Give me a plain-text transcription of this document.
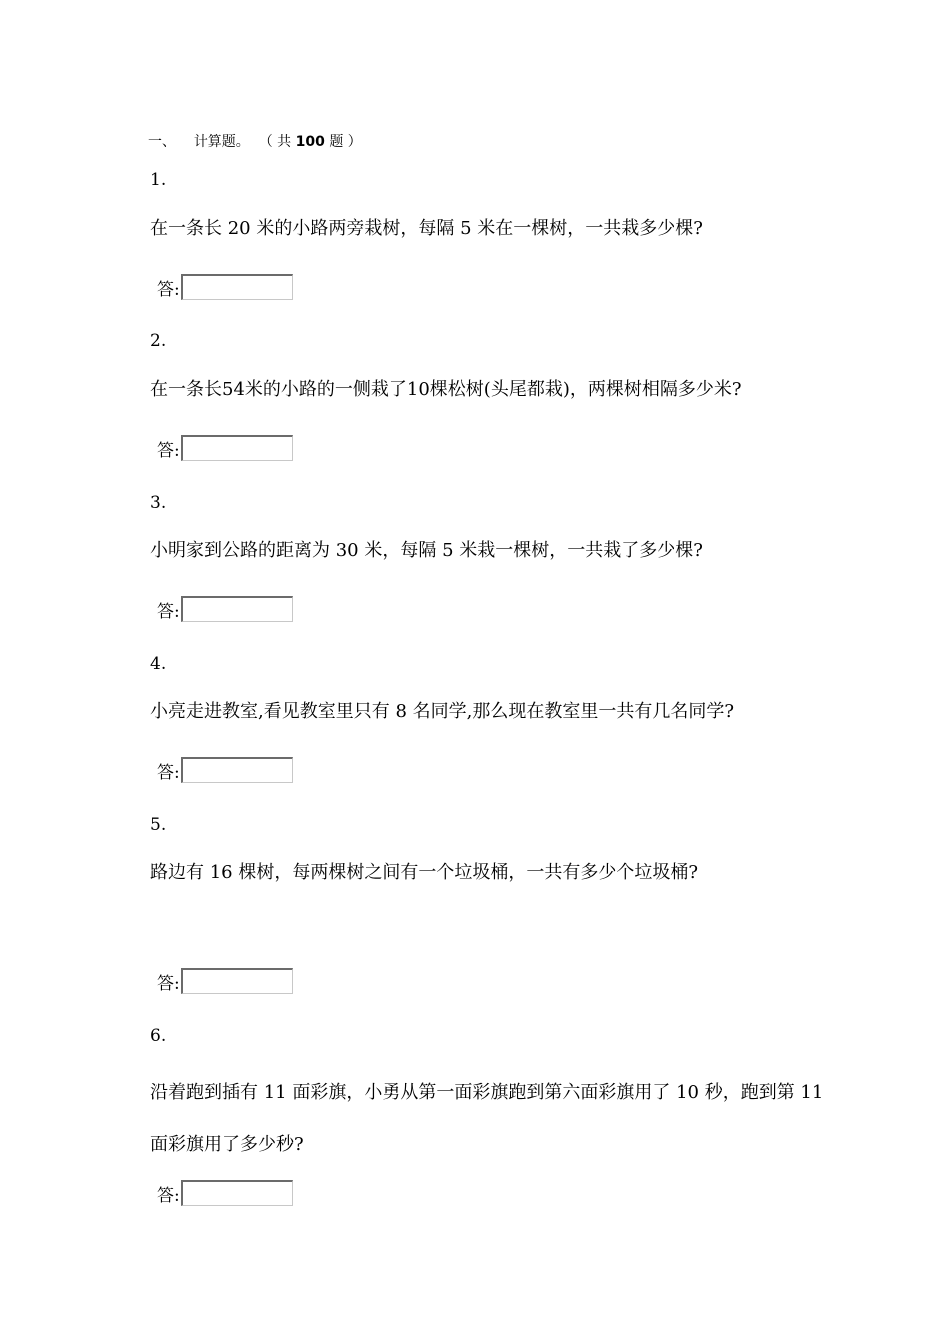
一、 计算题。 （ 共 100 题 ）
1.
在一条长 20 米的小路两旁栽树，每隔 5 米在一棵树，一共栽多少棵?
答:
2.
在一条长54米的小路的一侧栽了10棵松树(头尾都栽)，两棵树相隔多少米?
答:
3.
小明家到公路的距离为 30 米，每隔 5 米栽一棵树，一共栽了多少棵?
答:
4.
小亮走进教室,看见教室里只有 8 名同学,那么现在教室里一共有几名同学?
答:
5.
路边有 16 棵树，每两棵树之间有一个垃圾桶，一共有多少个垃圾桶?
答:
6.
沿着跑到插有 11 面彩旗，小勇从第一面彩旗跑到第六面彩旗用了 10 秒，跑到第 11 面彩旗用了多少秒?
答:
